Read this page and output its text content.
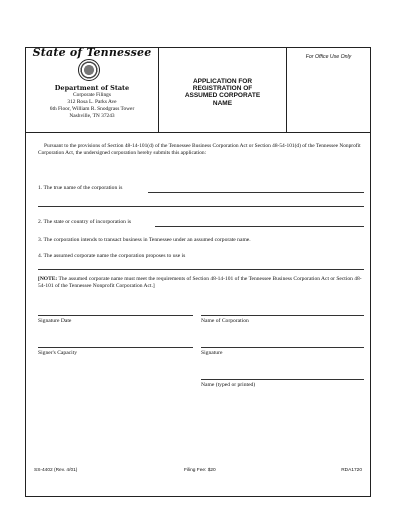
State of Tennessee
Department of State
Corporate Filings
312 Rosa L. Parks Ave
6th Floor, William R. Snodgrass Tower
Nashville, TN 37243
APPLICATION FOR
REGISTRATION OF
ASSUMED CORPORATE
NAME
For Office Use Only
Pursuant to the provisions of Section 48-14-101(d) of the Tennessee Business Corporation Act or Section 48-54-101(d) of the Tennessee Nonprofit Corporation Act, the undersigned corporation hereby submits this application:
1. The true name of the corporation is
2. The state or country of incorporation is
3. The corporation intends to transact business in Tennessee under an assumed corporate name.
4. The assumed corporate name the corporation proposes to use is
[NOTE: The assumed corporate name must meet the requirements of Section 48-14-101 of the Tennessee Business Corporation Act or Section 48-54-101 of the Tennessee Nonprofit Corporation Act.]
Signature Date	Name of Corporation
Signer's Capacity	Signature
Name (typed or printed)
SS-4402 (Rev. 4/01)	Filing Fee: $20	RDA1720
